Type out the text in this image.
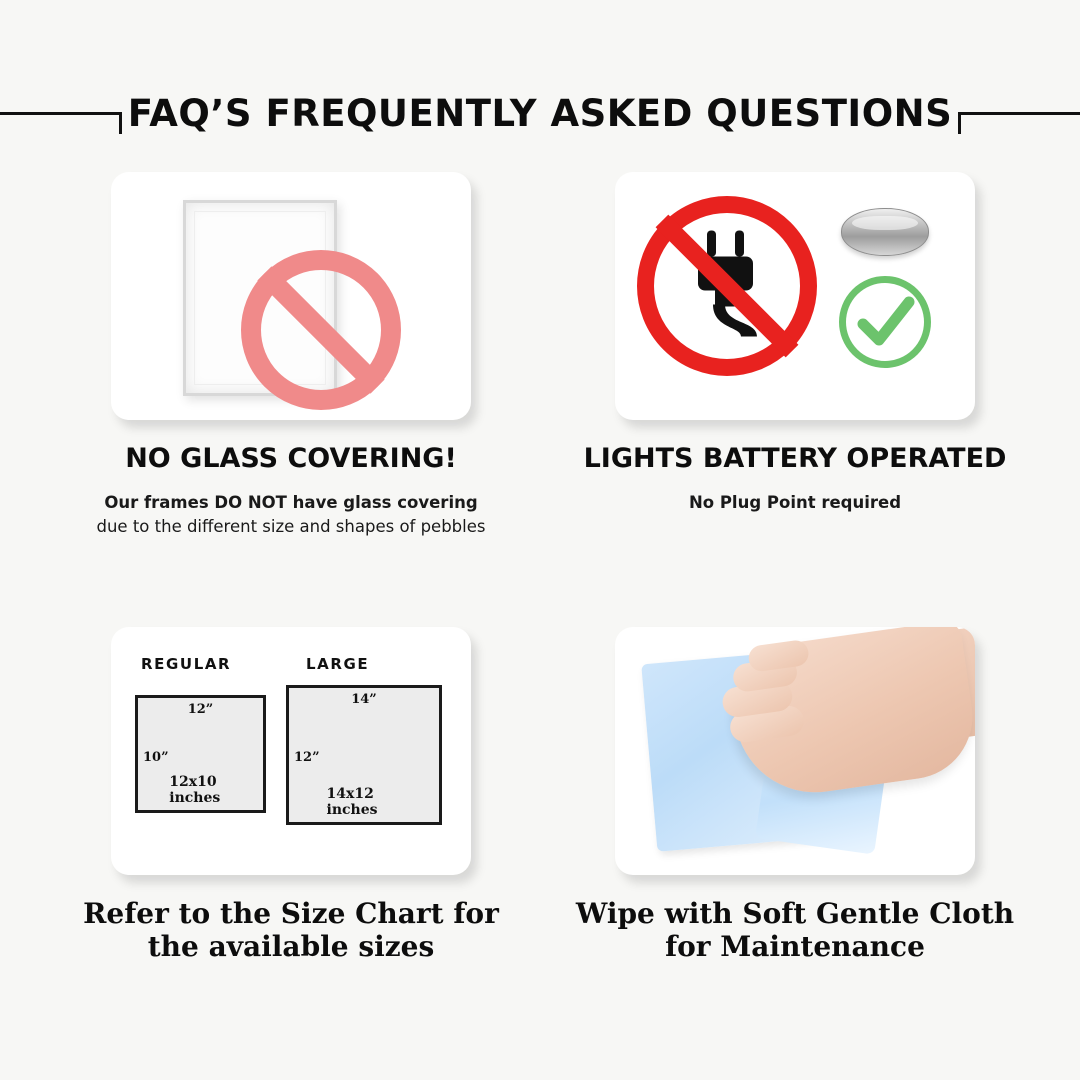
FAQ’S FREQUENTLY ASKED QUESTIONS
NO GLASS COVERING!
Our frames DO NOT have glass covering due to the different size and shapes of pebbles
LIGHTS BATTERY OPERATED
No Plug Point required
REGULAR	LARGE
12”
10”
12x10 inches
14”
12”
14x12 inches
Refer to the Size Chart for the available sizes
Wipe with Soft Gentle Cloth for Maintenance
